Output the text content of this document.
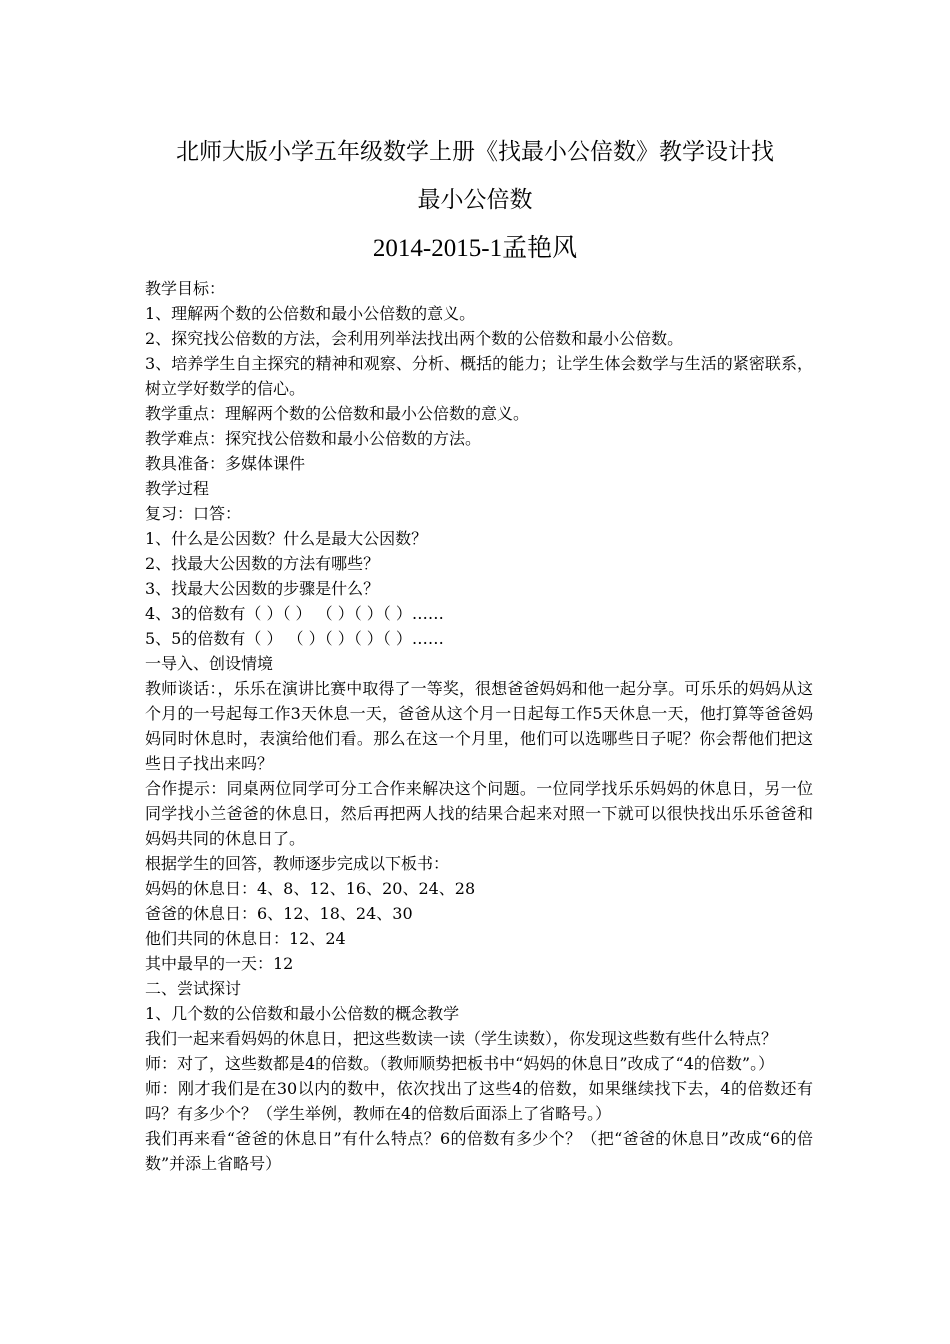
北师大版小学五年级数学上册《找最小公倍数》教学设计找
最小公倍数
2014-2015-1孟艳风

教学目标：

1、理解两个数的公倍数和最小公倍数的意义。

2、探究找公倍数的方法，会利用列举法找出两个数的公倍数和最小公倍数。

3、培养学生自主探究的精神和观察、分析、概括的能力；让学生体会数学与生活的紧密联系，树立学好数学的信心。

教学重点：理解两个数的公倍数和最小公倍数的意义。

教学难点：探究找公倍数和最小公倍数的方法。

教具准备：多媒体课件

教学过程

复习：口答：

1、什么是公因数？什么是最大公因数？

2、找最大公因数的方法有哪些？

3、找最大公因数的步骤是什么？

4、3的倍数有（ ）（ ） （ ）（ ）（ ）……

5、5的倍数有（ ） （ ）（ ）（ ）（ ）……

一导入、创设情境

教师谈话：，乐乐在演讲比赛中取得了一等奖，很想爸爸妈妈和他一起分享。可乐乐的妈妈从这个月的一号起每工作3天休息一天，爸爸从这个月一日起每工作5天休息一天，他打算等爸爸妈妈同时休息时，表演给他们看。那么在这一个月里，他们可以选哪些日子呢？你会帮他们把这些日子找出来吗？

合作提示：同桌两位同学可分工合作来解决这个问题。一位同学找乐乐妈妈的休息日，另一位同学找小兰爸爸的休息日，然后再把两人找的结果合起来对照一下就可以很快找出乐乐爸爸和妈妈共同的休息日了。

根据学生的回答，教师逐步完成以下板书：

妈妈的休息日：4、8、12、16、20、24、28

爸爸的休息日：6、12、18、24、30

他们共同的休息日：12、24

其中最早的一天：12

二、尝试探讨

1、几个数的公倍数和最小公倍数的概念教学

我们一起来看妈妈的休息日，把这些数读一读（学生读数），你发现这些数有些什么特点？

师：对了，这些数都是4的倍数。（教师顺势把板书中“妈妈的休息日”改成了“4的倍数”。）

师：刚才我们是在30以内的数中，依次找出了这些4的倍数，如果继续找下去，4的倍数还有吗？有多少个？（学生举例，教师在4的倍数后面添上了省略号。）

我们再来看“爸爸的休息日”有什么特点？6的倍数有多少个？（把“爸爸的休息日”改成“6的倍数”并添上省略号）
